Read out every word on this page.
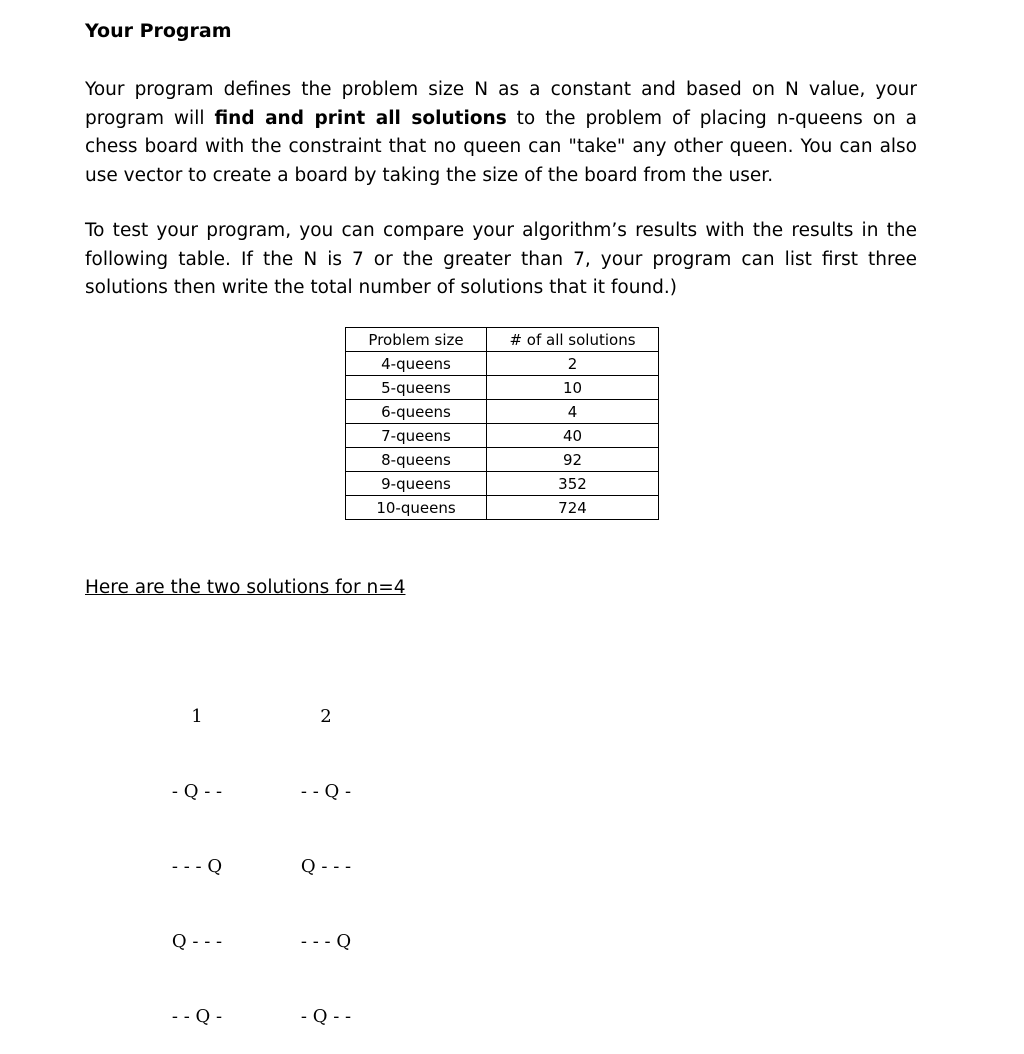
Your Program

Your program defines the problem size N as a constant and based on N value, your program will find and print all solutions to the problem of placing n-queens on a chess board with the constraint that no queen can "take" any other queen. You can also use vector to create a board by taking the size of the board from the user.

To test your program, you can compare your algorithm’s results with the results in the following table. If the N is 7 or the greater than 7, your program can list first three solutions then write the total number of solutions that it found.)

Problem size	# of all solutions
4-queens	2
5-queens	10
6-queens	4
7-queens	40
8-queens	92
9-queens	352
10-queens	724

Here are the two solutions for n=4

1

- Q - -

- - - Q

Q - - -

- - Q -

2

- - Q -

Q - - -

- - - Q

- Q - -
